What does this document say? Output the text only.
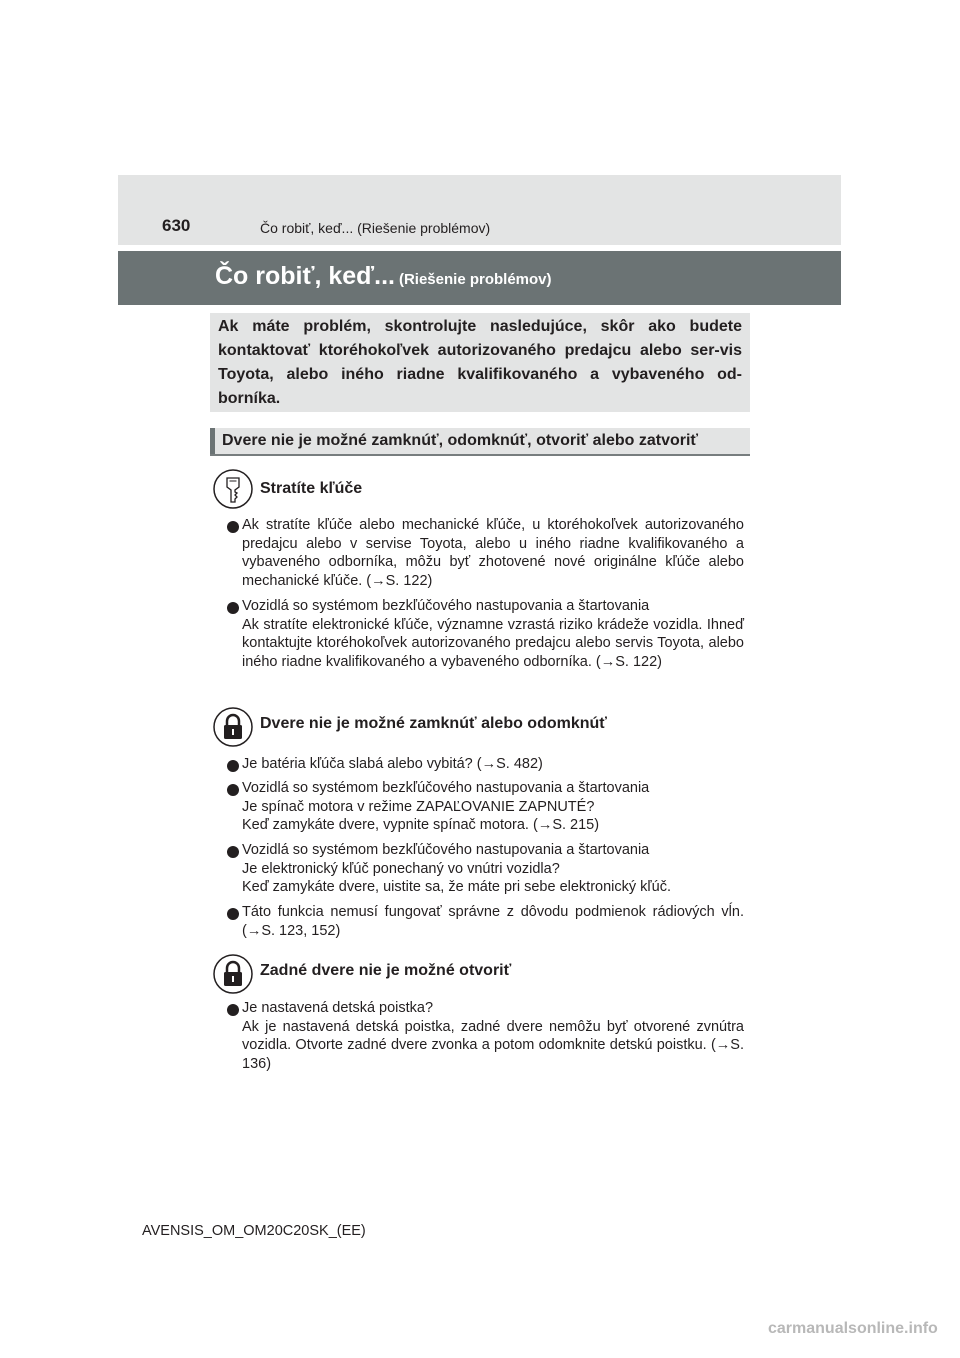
630	Čo robiť, keď... (Riešenie problémov)
Čo robiť, keď... (Riešenie problémov)
Ak máte problém, skontrolujte nasledujúce, skôr ako budete kontaktovať ktoréhokoľvek autorizovaného predajcu alebo ser-vis Toyota, alebo iného riadne kvalifikovaného a vybaveného od-borníka.
Dvere nie je možné zamknúť, odomknúť, otvoriť alebo zatvoriť
Stratíte kľúče
Ak stratíte kľúče alebo mechanické kľúče, u ktoréhokoľvek autorizovaného predajcu alebo v servise Toyota, alebo u iného riadne kvalifikovaného a vybaveného odborníka, môžu byť zhotovené nové originálne kľúče alebo mechanické kľúče. (→S. 122)
Vozidlá so systémom bezkľúčového nastupovania a štartovania
Ak stratíte elektronické kľúče, významne vzrastá riziko krádeže vozidla. Ihneď kontaktujte ktoréhokoľvek autorizovaného predajcu alebo servis Toyota, alebo iného riadne kvalifikovaného a vybaveného odborníka. (→S. 122)
Dvere nie je možné zamknúť alebo odomknúť
Je batéria kľúča slabá alebo vybitá? (→S. 482)
Vozidlá so systémom bezkľúčového nastupovania a štartovania
Je spínač motora v režime ZAPAĽOVANIE ZAPNUTÉ?
Keď zamykáte dvere, vypnite spínač motora. (→S. 215)
Vozidlá so systémom bezkľúčového nastupovania a štartovania
Je elektronický kľúč ponechaný vo vnútri vozidla?
Keď zamykáte dvere, uistite sa, že máte pri sebe elektronický kľúč.
Táto funkcia nemusí fungovať správne z dôvodu podmienok rádiových vĺn. (→S. 123, 152)
Zadné dvere nie je možné otvoriť
Je nastavená detská poistka?
Ak je nastavená detská poistka, zadné dvere nemôžu byť otvorené zvnútra vozidla. Otvorte zadné dvere zvonka a potom odomknite detskú poistku. (→S. 136)
AVENSIS_OM_OM20C20SK_(EE)
carmanualsonline.info
